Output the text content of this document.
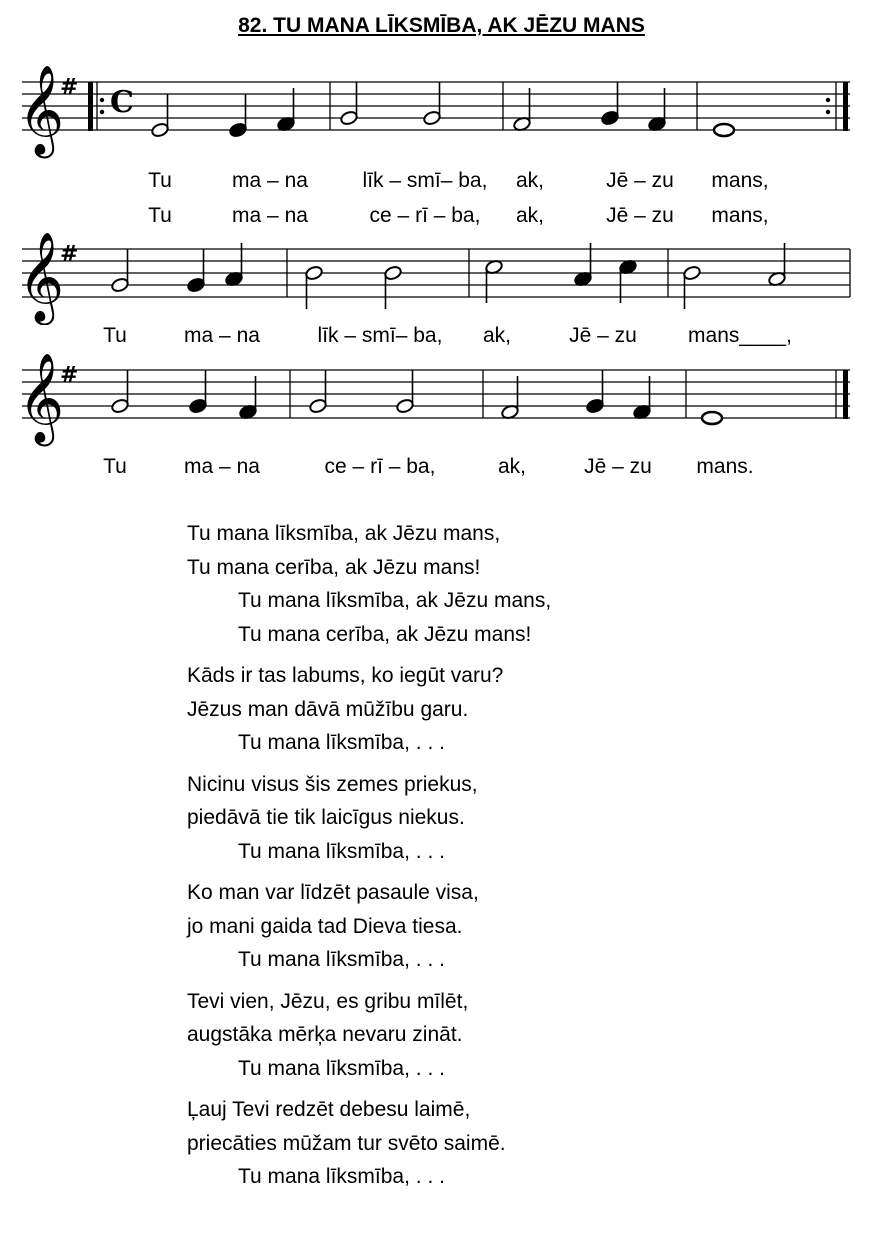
82. TU MANA LĪKSMĪBA, AK JĒZU MANS
𝄞
# C
Tu	ma – na	līk – smī– ba, ak,	Jē – zu mans,
Tu	ma – na	ce – rī – ba, ak,	Jē – zu mans,
𝄞
#
Tu	ma – na	līk – smī– ba, ak,	Jē – zu mans____,
𝄞
#
Tu	ma – na	ce – rī – ba,	ak,	Jē – zu mans.
Tu mana līksmība, ak Jēzu mans,
Tu mana cerība, ak Jēzu mans!
Tu mana līksmība, ak Jēzu mans,
Tu mana cerība, ak Jēzu mans!
Kāds ir tas labums, ko iegūt varu?
Jēzus man dāvā mūžību garu.
Tu mana līksmība, . . .
Nicinu visus šis zemes priekus,
piedāvā tie tik laicīgus niekus.
Tu mana līksmība, . . .
Ko man var līdzēt pasaule visa,
jo mani gaida tad Dieva tiesa.
Tu mana līksmība, . . .
Tevi vien, Jēzu, es gribu mīlēt,
augstāka mērķa nevaru zināt.
Tu mana līksmība, . . .
Ļauj Tevi redzēt debesu laimē,
priecāties mūžam tur svēto saimē.
Tu mana līksmība, . . .
